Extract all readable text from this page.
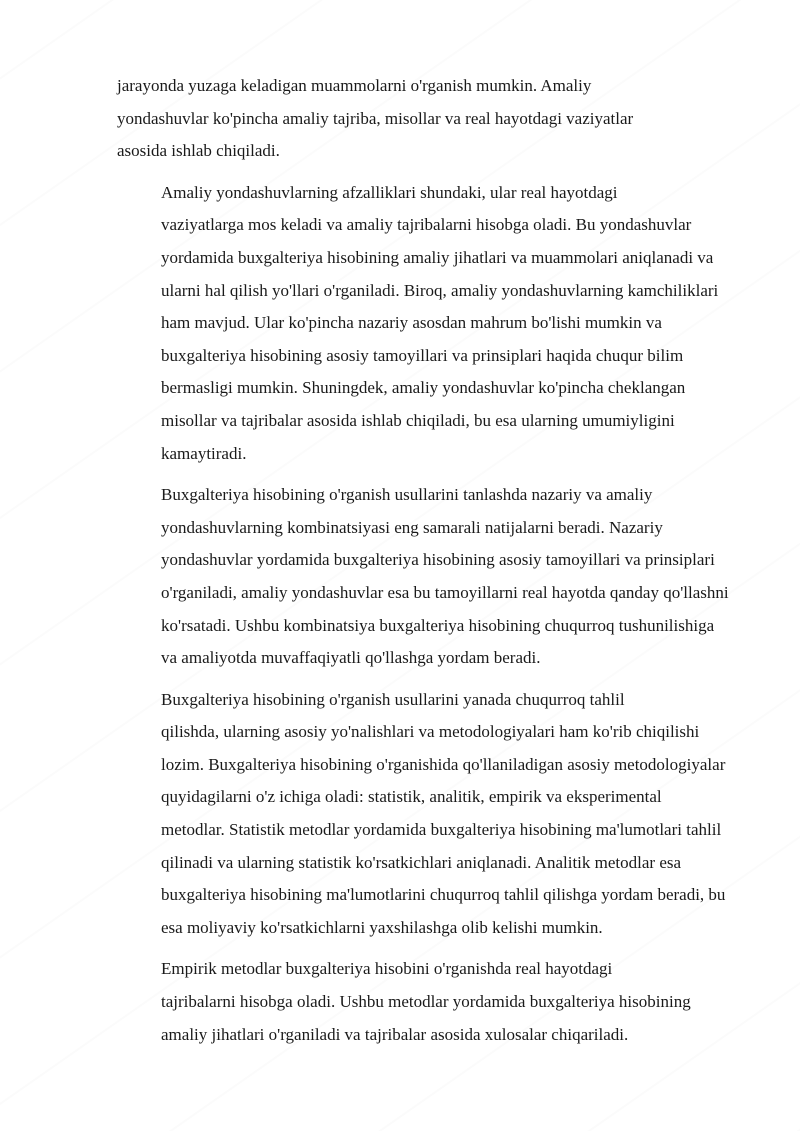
jarayonda yuzaga keladigan muammolarni o'rganish mumkin. Amaliy
yondashuvlar ko'pincha amaliy tajriba, misollar va real hayotdagi vaziyatlar
asosida ishlab chiqiladi.

Amaliy yondashuvlarning afzalliklari shundaki, ular real hayotdagi
vaziyatlarga mos keladi va amaliy tajribalarni hisobga oladi. Bu yondashuvlar
yordamida buxgalteriya hisobining amaliy jihatlari va muammolari aniqlanadi va
ularni hal qilish yo'llari o'rganiladi. Biroq, amaliy yondashuvlarning kamchiliklari
ham mavjud. Ular ko'pincha nazariy asosdan mahrum bo'lishi mumkin va
buxgalteriya hisobining asosiy tamoyillari va prinsiplari haqida chuqur bilim
bermasligi mumkin. Shuningdek, amaliy yondashuvlar ko'pincha cheklangan
misollar va tajribalar asosida ishlab chiqiladi, bu esa ularning umumiyligini
kamaytiradi.

Buxgalteriya hisobining o'rganish usullarini tanlashda nazariy va amaliy
yondashuvlarning kombinatsiyasi eng samarali natijalarni beradi. Nazariy
yondashuvlar yordamida buxgalteriya hisobining asosiy tamoyillari va prinsiplari
o'rganiladi, amaliy yondashuvlar esa bu tamoyillarni real hayotda qanday qo'llashni
ko'rsatadi. Ushbu kombinatsiya buxgalteriya hisobining chuqurroq tushunilishiga
va amaliyotda muvaffaqiyatli qo'llashga yordam beradi.

Buxgalteriya hisobining o'rganish usullarini yanada chuqurroq tahlil
qilishda, ularning asosiy yo'nalishlari va metodologiyalari ham ko'rib chiqilishi
lozim. Buxgalteriya hisobining o'rganishida qo'llaniladigan asosiy metodologiyalar
quyidagilarni o'z ichiga oladi: statistik, analitik, empirik va eksperimental
metodlar. Statistik metodlar yordamida buxgalteriya hisobining ma'lumotlari tahlil
qilinadi va ularning statistik ko'rsatkichlari aniqlanadi. Analitik metodlar esa
buxgalteriya hisobining ma'lumotlarini chuqurroq tahlil qilishga yordam beradi, bu
esa moliyaviy ko'rsatkichlarni yaxshilashga olib kelishi mumkin.

Empirik metodlar buxgalteriya hisobini o'rganishda real hayotdagi
tajribalarni hisobga oladi. Ushbu metodlar yordamida buxgalteriya hisobining
amaliy jihatlari o'rganiladi va tajribalar asosida xulosalar chiqariladi.
